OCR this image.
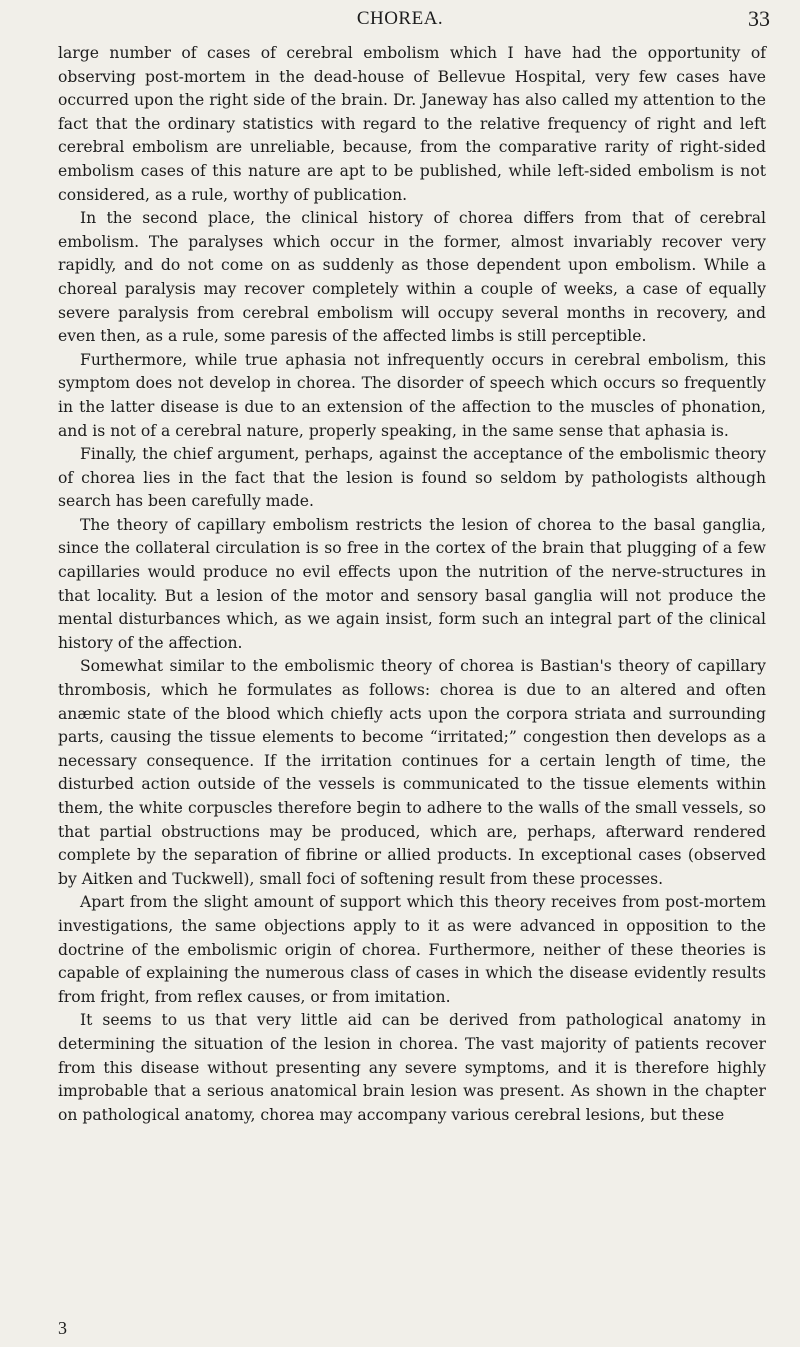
CHOREA.	33

large number of cases of cerebral embolism which I have had the opportunity of observing post-mortem in the dead-house of Bellevue Hospital, very few cases have occurred upon the right side of the brain. Dr. Janeway has also called my attention to the fact that the ordinary statistics with regard to the relative frequency of right and left cerebral embolism are unreliable, because, from the comparative rarity of right-sided embolism cases of this nature are apt to be published, while left-sided embolism is not considered, as a rule, worthy of publication.

In the second place, the clinical history of chorea differs from that of cerebral embolism. The paralyses which occur in the former, almost invariably recover very rapidly, and do not come on as suddenly as those dependent upon embolism. While a choreal paralysis may recover completely within a couple of weeks, a case of equally severe paralysis from cerebral embolism will occupy several months in recovery, and even then, as a rule, some paresis of the affected limbs is still perceptible.

Furthermore, while true aphasia not infrequently occurs in cerebral embolism, this symptom does not develop in chorea. The disorder of speech which occurs so frequently in the latter disease is due to an extension of the affection to the muscles of phonation, and is not of a cerebral nature, properly speaking, in the same sense that aphasia is.

Finally, the chief argument, perhaps, against the acceptance of the embolismic theory of chorea lies in the fact that the lesion is found so seldom by pathologists although search has been carefully made.

The theory of capillary embolism restricts the lesion of chorea to the basal ganglia, since the collateral circulation is so free in the cortex of the brain that plugging of a few capillaries would produce no evil effects upon the nutrition of the nerve-structures in that locality. But a lesion of the motor and sensory basal ganglia will not produce the mental disturbances which, as we again insist, form such an integral part of the clinical history of the affection.

Somewhat similar to the embolismic theory of chorea is Bastian's theory of capillary thrombosis, which he formulates as follows: chorea is due to an altered and often anæmic state of the blood which chiefly acts upon the corpora striata and surrounding parts, causing the tissue elements to become “irritated;” congestion then develops as a necessary consequence. If the irritation continues for a certain length of time, the disturbed action outside of the vessels is communicated to the tissue elements within them, the white corpuscles therefore begin to adhere to the walls of the small vessels, so that partial obstructions may be produced, which are, perhaps, afterward rendered complete by the separation of fibrine or allied products. In exceptional cases (observed by Aitken and Tuckwell), small foci of softening result from these processes.

Apart from the slight amount of support which this theory receives from post-mortem investigations, the same objections apply to it as were advanced in opposition to the doctrine of the embolismic origin of chorea. Furthermore, neither of these theories is capable of explaining the numerous class of cases in which the disease evidently results from fright, from reflex causes, or from imitation.

It seems to us that very little aid can be derived from pathological anatomy in determining the situation of the lesion in chorea. The vast majority of patients recover from this disease without presenting any severe symptoms, and it is therefore highly improbable that a serious anatomical brain lesion was present. As shown in the chapter on pathological anatomy, chorea may accompany various cerebral lesions, but these

3
